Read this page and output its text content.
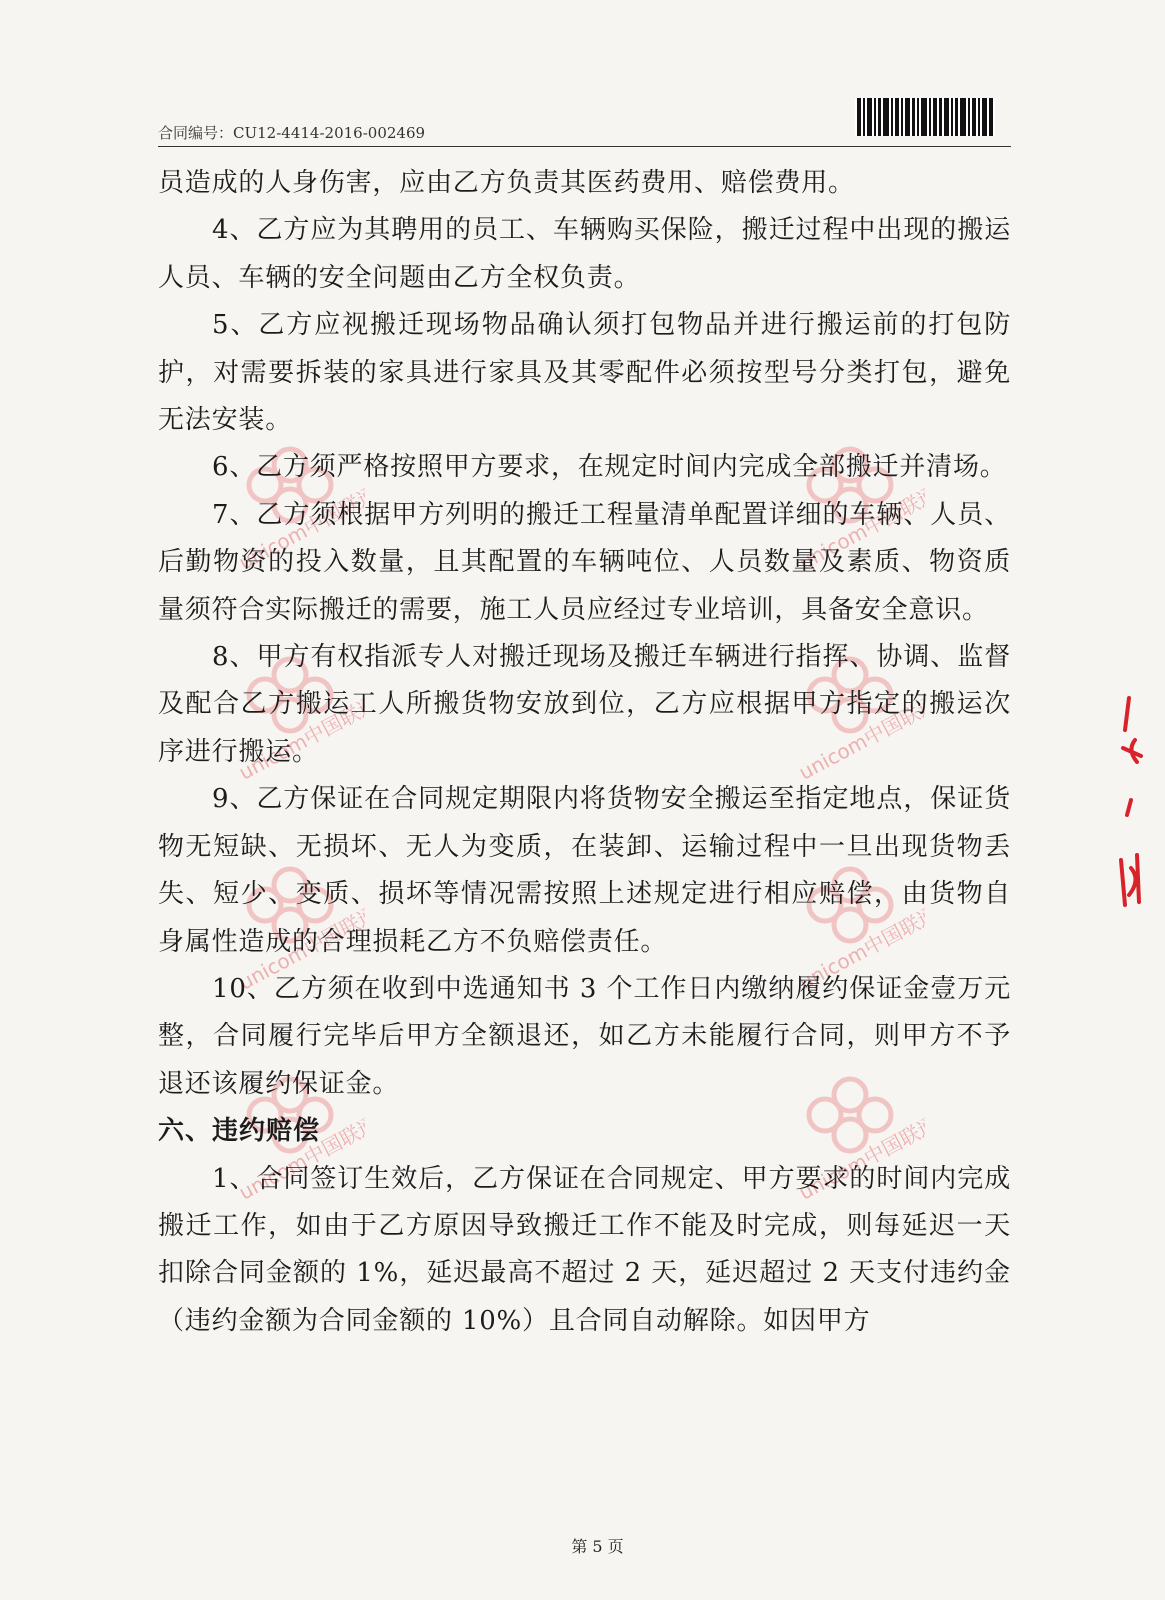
合同编号：CU12-4414-2016-002469
unicom中国联通	unicom中国联通
unicom中国联通	unicom中国联通
unicom中国联通	unicom中国联通
unicom中国联通	unicom中国联通

员造成的人身伤害，应由乙方负责其医药费用、赔偿费用。

4、乙方应为其聘用的员工、车辆购买保险，搬迁过程中出现的搬运人员、车辆的安全问题由乙方全权负责。

5、乙方应视搬迁现场物品确认须打包物品并进行搬运前的打包防护，对需要拆装的家具进行家具及其零配件必须按型号分类打包，避免无法安装。

6、乙方须严格按照甲方要求，在规定时间内完成全部搬迁并清场。

7、乙方须根据甲方列明的搬迁工程量清单配置详细的车辆、人员、后勤物资的投入数量，且其配置的车辆吨位、人员数量及素质、物资质量须符合实际搬迁的需要，施工人员应经过专业培训，具备安全意识。

8、甲方有权指派专人对搬迁现场及搬迁车辆进行指挥、协调、监督及配合乙方搬运工人所搬货物安放到位，乙方应根据甲方指定的搬运次序进行搬运。

9、乙方保证在合同规定期限内将货物安全搬运至指定地点，保证货物无短缺、无损坏、无人为变质，在装卸、运输过程中一旦出现货物丢失、短少、变质、损坏等情况需按照上述规定进行相应赔偿，由货物自身属性造成的合理损耗乙方不负赔偿责任。

10、乙方须在收到中选通知书 3 个工作日内缴纳履约保证金壹万元整，合同履行完毕后甲方全额退还，如乙方未能履行合同，则甲方不予退还该履约保证金。

六、违约赔偿

1、合同签订生效后，乙方保证在合同规定、甲方要求的时间内完成搬迁工作，如由于乙方原因导致搬迁工作不能及时完成，则每延迟一天扣除合同金额的 1%，延迟最高不超过 2 天，延迟超过 2 天支付违约金（违约金额为合同金额的 10%）且合同自动解除。如因甲方

第 5 页
